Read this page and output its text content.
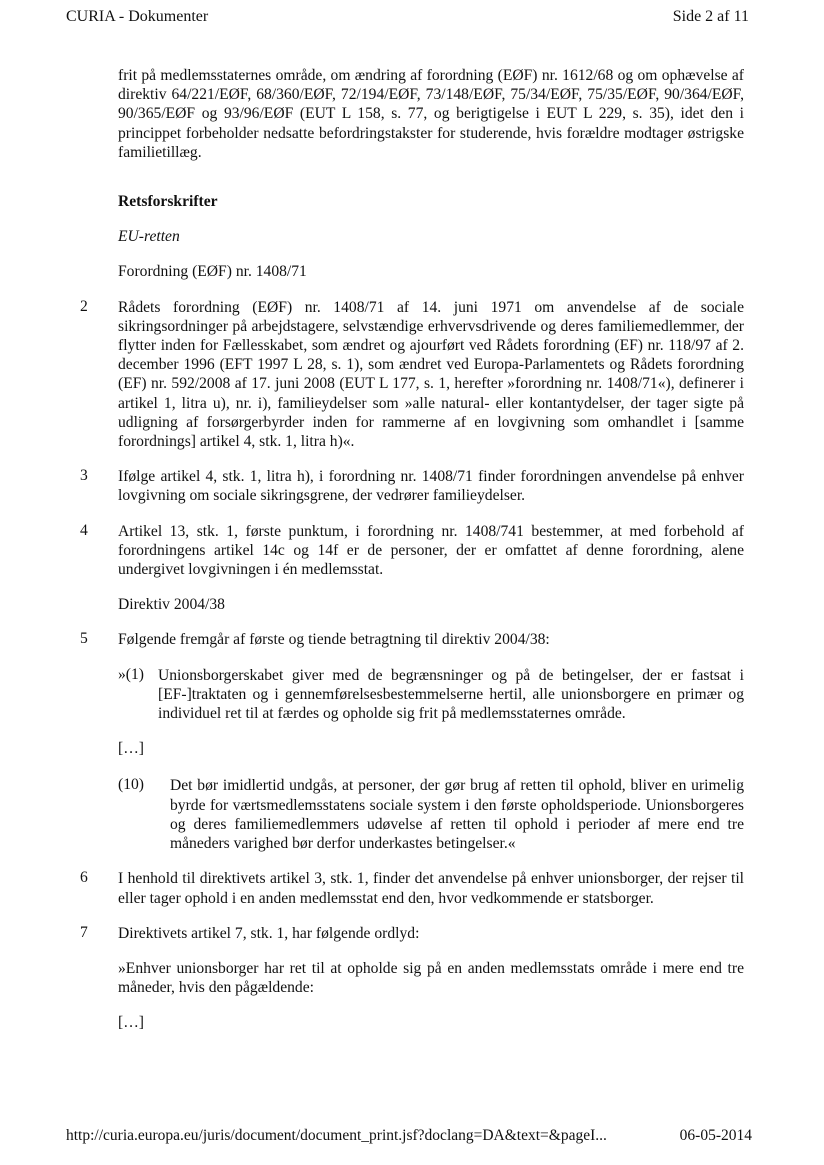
CURIA - Dokumenter	Side 2 af 11

frit på medlemsstaternes område, om ændring af forordning (EØF) nr. 1612/68 og om ophævelse af direktiv 64/221/EØF, 68/360/EØF, 72/194/EØF, 73/148/EØF, 75/34/EØF, 75/35/EØF, 90/364/EØF, 90/365/EØF og 93/96/EØF (EUT L 158, s. 77, og berigtigelse i EUT L 229, s. 35), idet den i princippet forbeholder nedsatte befordringstakster for studerende, hvis forældre modtager østrigske familietillæg.

Retsforskrifter

EU-retten

Forordning (EØF) nr. 1408/71

2 Rådets forordning (EØF) nr. 1408/71 af 14. juni 1971 om anvendelse af de sociale sikringsordninger på arbejdstagere, selvstændige erhvervsdrivende og deres familiemedlemmer, der flytter inden for Fællesskabet, som ændret og ajourført ved Rådets forordning (EF) nr. 118/97 af 2. december 1996 (EFT 1997 L 28, s. 1), som ændret ved Europa-Parlamentets og Rådets forordning (EF) nr. 592/2008 af 17. juni 2008 (EUT L 177, s. 1, herefter »forordning nr. 1408/71«), definerer i artikel 1, litra u), nr. i), familieydelser som »alle natural- eller kontantydelser, der tager sigte på udligning af forsørgerbyrder inden for rammerne af en lovgivning som omhandlet i [samme forordnings] artikel 4, stk. 1, litra h)«.

3 Ifølge artikel 4, stk. 1, litra h), i forordning nr. 1408/71 finder forordningen anvendelse på enhver lovgivning om sociale sikringsgrene, der vedrører familieydelser.

4 Artikel 13, stk. 1, første punktum, i forordning nr. 1408/741 bestemmer, at med forbehold af forordningens artikel 14c og 14f er de personer, der er omfattet af denne forordning, alene undergivet lovgivningen i én medlemsstat.

Direktiv 2004/38

5 Følgende fremgår af første og tiende betragtning til direktiv 2004/38:

»(1) Unionsborgerskabet giver med de begrænsninger og på de betingelser, der er fastsat i [EF-]traktaten og i gennemførelsesbestemmelserne hertil, alle unionsborgere en primær og individuel ret til at færdes og opholde sig frit på medlemsstaternes område.

[…]

(10)	Det bør imidlertid undgås, at personer, der gør brug af retten til ophold, bliver en urimelig byrde for værtsmedlemsstatens sociale system i den første opholdsperiode. Unionsborgeres og deres familiemedlemmers udøvelse af retten til ophold i perioder af mere end tre måneders varighed bør derfor underkastes betingelser.«
6 I henhold til direktivets artikel 3, stk. 1, finder det anvendelse på enhver unionsborger, der rejser til eller tager ophold i en anden medlemsstat end den, hvor vedkommende er statsborger.

7 Direktivets artikel 7, stk. 1, har følgende ordlyd:

»Enhver unionsborger har ret til at opholde sig på en anden medlemsstats område i mere end tre måneder, hvis den pågældende:

[…]

http://curia.europa.eu/juris/document/document_print.jsf?doclang=DA&text=&pageI...	06-05-2014
